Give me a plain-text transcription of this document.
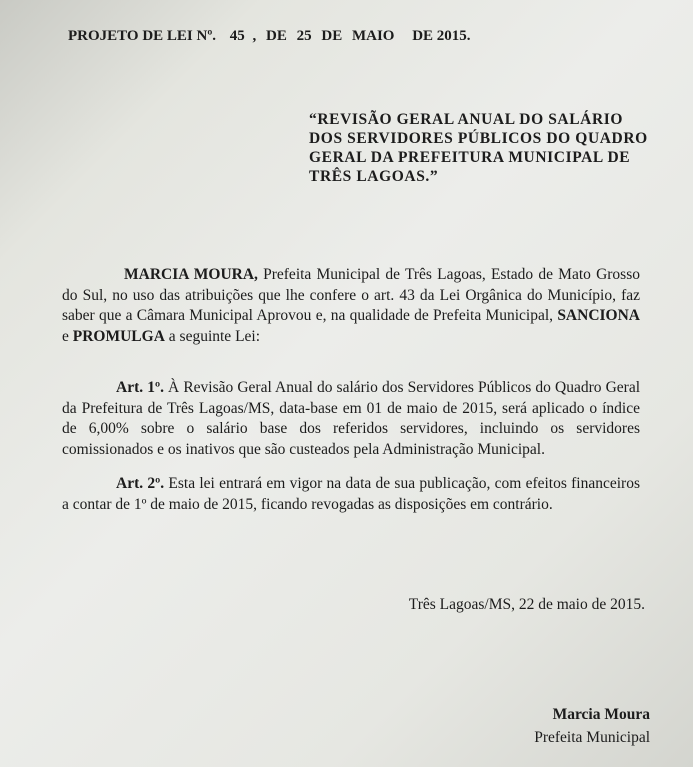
PROJETO DE LEI Nº. 45 , DE 25 DE MAIO DE 2015.
“REVISÃO GERAL ANUAL DO SALÁRIO
DOS SERVIDORES PÚBLICOS DO QUADRO
GERAL DA PREFEITURA MUNICIPAL DE
TRÊS LAGOAS.”
MARCIA MOURA, Prefeita Municipal de Três Lagoas, Estado de Mato Grosso do Sul, no uso das atribuições que lhe confere o art. 43 da Lei Orgânica do Município, faz saber que a Câmara Municipal Aprovou e, na qualidade de Prefeita Municipal, SANCIONA e PROMULGA a seguinte Lei:
Art. 1º. À Revisão Geral Anual do salário dos Servidores Públicos do Quadro Geral da Prefeitura de Três Lagoas/MS, data-base em 01 de maio de 2015, será aplicado o índice de 6,00% sobre o salário base dos referidos servidores, incluindo os servidores comissionados e os inativos que são custeados pela Administração Municipal.
Art. 2º. Esta lei entrará em vigor na data de sua publicação, com efeitos financeiros a contar de 1º de maio de 2015, ficando revogadas as disposições em contrário.
Três Lagoas/MS, 22 de maio de 2015.
Marcia Moura
Prefeita Municipal
